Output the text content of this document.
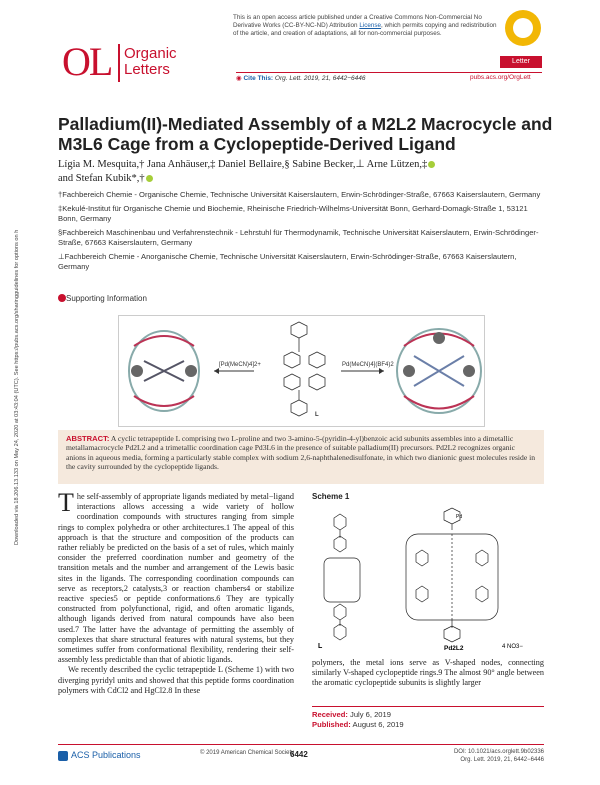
This is an open access article published under a Creative Commons Non-Commercial No Derivative Works (CC-BY-NC-ND) Attribution License, which permits copying and redistribution of the article, and creation of adaptations, all for non-commercial purposes.
OL Organic
Letters	Letter
◉ Cite This: Org. Lett. 2019, 21, 6442−6446	pubs.acs.org/OrgLett
Palladium(II)-Mediated Assembly of a M2L2 Macrocycle and M3L6 Cage from a Cyclopeptide-Derived Ligand
Lígia M. Mesquita,† Jana Anhäuser,‡ Daniel Bellaire,§ Sabine Becker,⊥ Arne Lützen,‡
and Stefan Kubik*,†

†Fachbereich Chemie - Organische Chemie, Technische Universität Kaiserslautern, Erwin-Schrödinger-Straße, 67663 Kaiserslautern, Germany

‡Kekulé-Institut für Organische Chemie und Biochemie, Rheinische Friedrich-Wilhelms-Universität Bonn, Gerhard-Domagk-Straße 1, 53121 Bonn, Germany

§Fachbereich Maschinenbau und Verfahrenstechnik - Lehrstuhl für Thermodynamik, Technische Universität Kaiserslautern, Erwin-Schrödinger-Straße, 67663 Kaiserslautern, Germany

⊥Fachbereich Chemie - Anorganische Chemie, Technische Universität Kaiserslautern, Erwin-Schrödinger-Straße, 67663 Kaiserslautern, Germany

Supporting Information
[Pd(MeCN)4]2+
L
Pd(MeCN)4](BF4)2
ABSTRACT: A cyclic tetrapeptide L comprising two L-proline and two 3-amino-5-(pyridin-4-yl)benzoic acid subunits assembles into a dimetallic metallamacrocycle Pd2L2 and a trimetallic coordination cage Pd3L6 in the presence of suitable palladium(II) precursors. Pd2L2 recognizes organic anions in aqueous media, forming a particularly stable complex with sodium 2,6-naphthalenedisulfonate, in which two dianionic guest molecules reside in the cavity surrounded by the cyclopeptide ligands.

The self-assembly of appropriate ligands mediated by metal−ligand interactions allows accessing a wide variety of hollow coordination compounds with structures ranging from simple rings to complex polyhedra or other architectures.1 The appeal of this approach is that the structure and composition of the products can rather reliably be predicted on the basis of a set of rules, which mainly consider the preferred coordination number and geometry of the transition metals and the number and arrangement of the Lewis basic sites in the ligands. The corresponding coordination compounds can serve as receptors,2 catalysts,3 or reaction chambers4 or stabilize reactive species5 or peptide conformations.6 They are typically constructed from polyfunctional, rigid, and often aromatic ligands, although ligands derived from natural compounds have also been used.7 The latter have the advantage of permitting the assembly of complexes that share structural features with natural systems, but they sometimes suffer from conformational flexibility, rendering their self-assembly less predictable than that of abiotic ligands.

We recently described the cyclic tetrapeptide L (Scheme 1) with two diverging pyridyl units and showed that this peptide forms coordination polymers with CdCl2 and HgCl2.8 In these

Scheme 1
L
Pd
Pd2L2	4 NO3−
polymers, the metal ions serve as V-shaped nodes, connecting similarly V-shaped cyclopeptide rings.9 The almost 90° angle between the aromatic cyclopeptide subunits is slightly larger
Received: July 6, 2019
Published: August 6, 2019
Downloaded via 18.206.13.133 on May 24, 2020 at 03:43:04 (UTC). See https://pubs.acs.org/sharingguidelines for options on how to legitimately share published articles.
ACS Publications	© 2019 American Chemical Society
6442	DOI: 10.1021/acs.orglett.9b02336
Org. Lett. 2019, 21, 6442−6446
